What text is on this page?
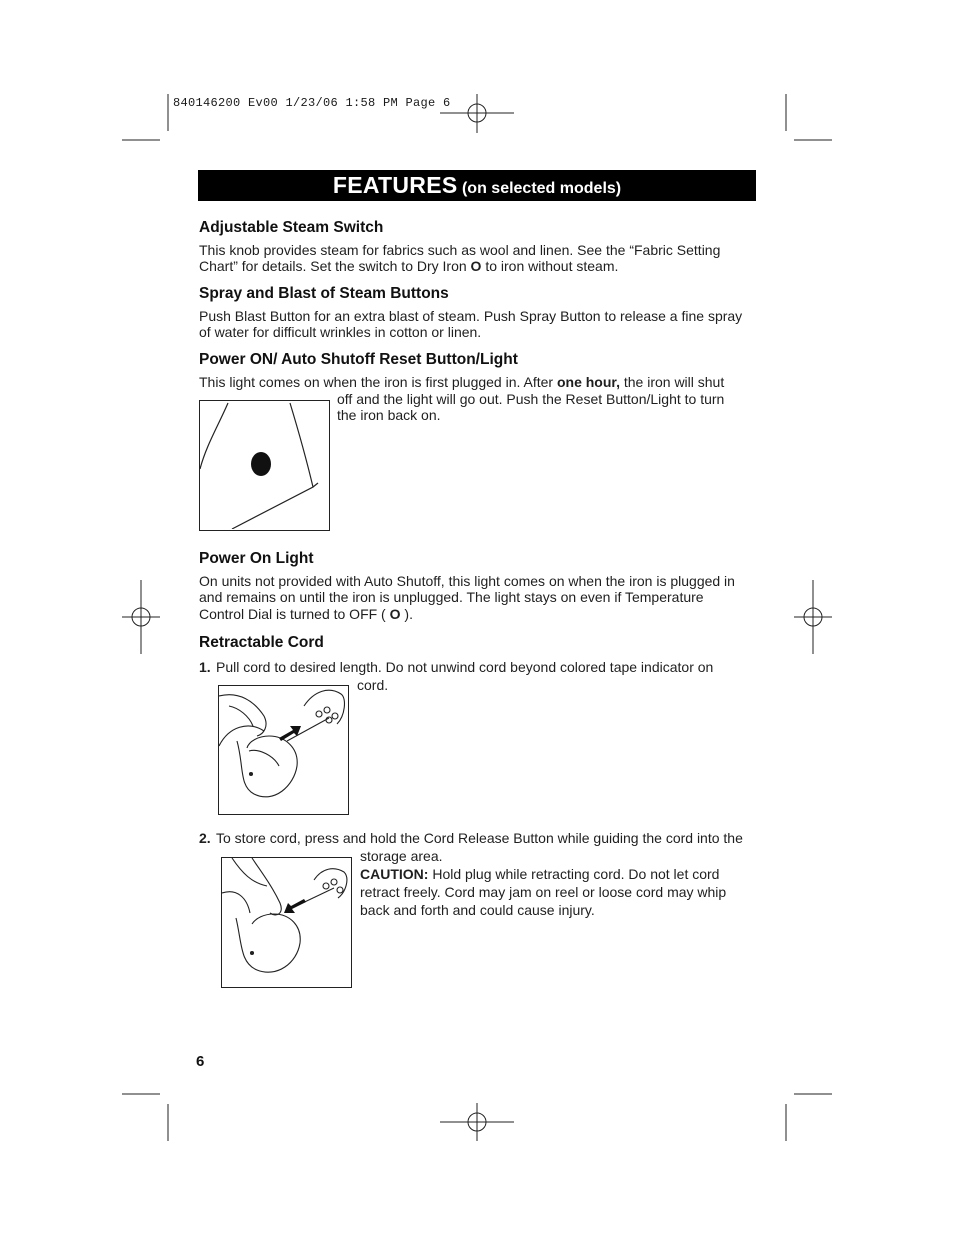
840146200 Ev00 1/23/06 1:58 PM Page 6
FEATURES (on selected models)
Adjustable Steam Switch
This knob provides steam for fabrics such as wool and linen. See the “Fabric Setting
Chart” for details. Set the switch to Dry Iron O to iron without steam.
Spray and Blast of Steam Buttons
Push Blast Button for an extra blast of steam. Push Spray Button to release a fine spray
of water for difficult wrinkles in cotton or linen.
Power ON/ Auto Shutoff Reset Button/Light
This light comes on when the iron is first plugged in. After one hour, the iron will shut
off and the light will go out. Push the Reset Button/Light to turn
the iron back on.
Power On Light
On units not provided with Auto Shutoff, this light comes on when the iron is plugged in
and remains on until the iron is unplugged. The light stays on even if Temperature
Control Dial is turned to OFF ( O ).
Retractable Cord
1. Pull cord to desired length. Do not unwind cord beyond colored tape indicator on
cord.
2. To store cord, press and hold the Cord Release Button while guiding the cord into the
storage area.
CAUTION: Hold plug while retracting cord. Do not let cord
retract freely. Cord may jam on reel or loose cord may whip
back and forth and could cause injury.
6
